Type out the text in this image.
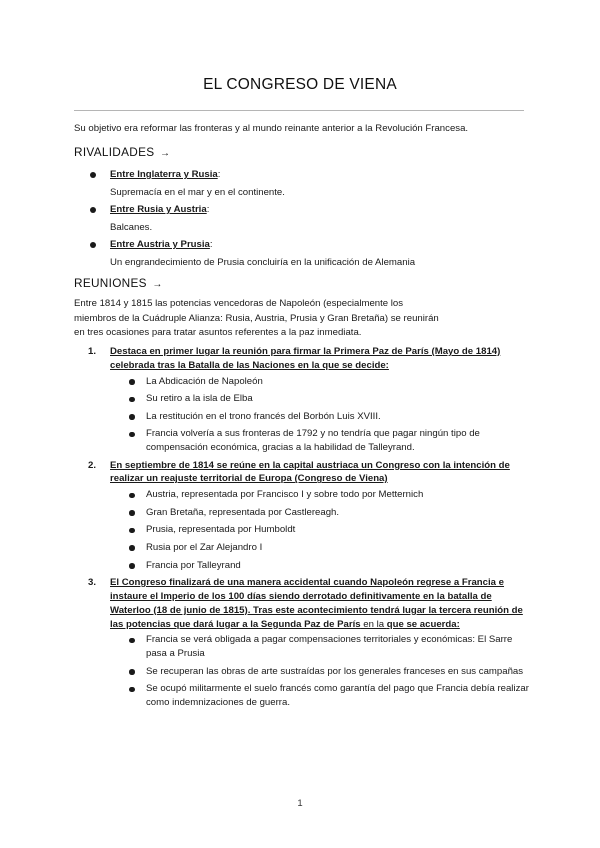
EL CONGRESO DE VIENA
Su objetivo era reformar las fronteras y al mundo reinante anterior a la Revolución Francesa.
RIVALIDADES →
Entre Inglaterra y Rusia:
Supremacía en el mar y en el continente.
Entre Rusia y Austria:
Balcanes.
Entre Austria y Prusia:
Un engrandecimiento de Prusia concluiría en la unificación de Alemania
REUNIONES →
Entre 1814 y 1815 las potencias vencedoras de Napoleón (especialmente los
miembros de la Cuádruple Alianza: Rusia, Austria, Prusia y Gran Bretaña) se reunirán
en tres ocasiones para tratar asuntos referentes a la paz inmediata.
1. Destaca en primer lugar la reunión para firmar la Primera Paz de París (Mayo de 1814) celebrada tras la Batalla de las Naciones en la que se decide:
La Abdicación de Napoleón
Su retiro a la isla de Elba
La restitución en el trono francés del Borbón Luis XVIII.
Francia volvería a sus fronteras de 1792 y no tendría que pagar ningún tipo de compensación económica, gracias a la habilidad de Talleyrand.
2. En septiembre de 1814 se reúne en la capital austriaca un Congreso con la intención de realizar un reajuste territorial de Europa (Congreso de Viena)
Austria, representada por Francisco I y sobre todo por Metternich
Gran Bretaña, representada por Castlereagh.
Prusia, representada por Humboldt
Rusia por el Zar Alejandro I
Francia por Talleyrand
3. El Congreso finalizará de una manera accidental cuando Napoleón regrese a Francia e instaure el Imperio de los 100 días siendo derrotado definitivamente en la batalla de Waterloo (18 de junio de 1815). Tras este acontecimiento tendrá lugar la tercera reunión de las potencias que dará lugar a la Segunda Paz de París en la que se acuerda:
Francia se verá obligada a pagar compensaciones territoriales y económicas: El Sarre pasa a Prusia
Se recuperan las obras de arte sustraídas por los generales franceses en sus campañas
Se ocupó militarmente el suelo francés como garantía del pago que Francia debía realizar como indemnizaciones de guerra.
1
